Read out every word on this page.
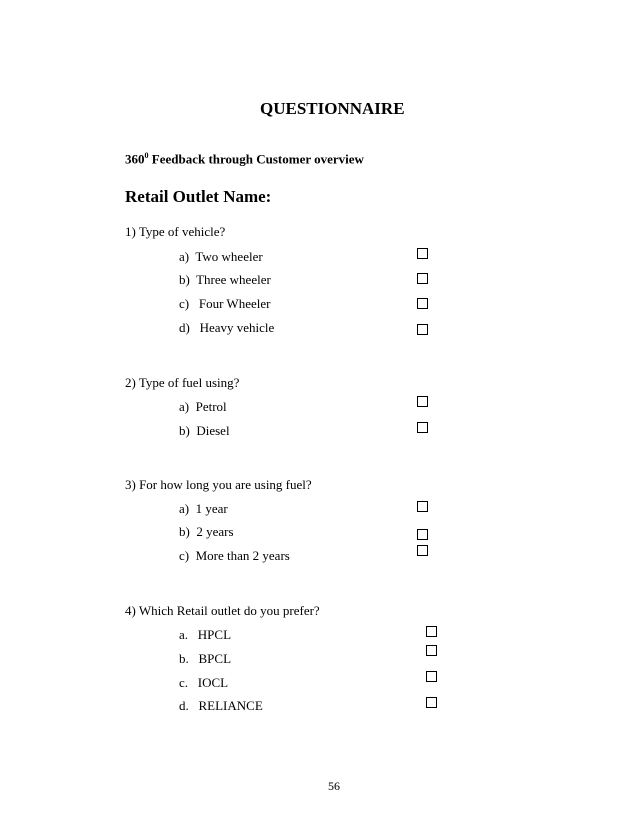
QUESTIONNAIRE
$360^0$ Feedback through Customer overview
Retail Outlet Name:
1) Type of vehicle?
a) Two wheeler
b) Three wheeler
c) Four Wheeler
d) Heavy vehicle
2) Type of fuel using?
a) Petrol
b) Diesel
3) For how long you are using fuel?
a) 1 year
b) 2 years
c) More than 2 years
4) Which Retail outlet do you prefer?
a. HPCL
b. BPCL
c. IOCL
d. RELIANCE
56
